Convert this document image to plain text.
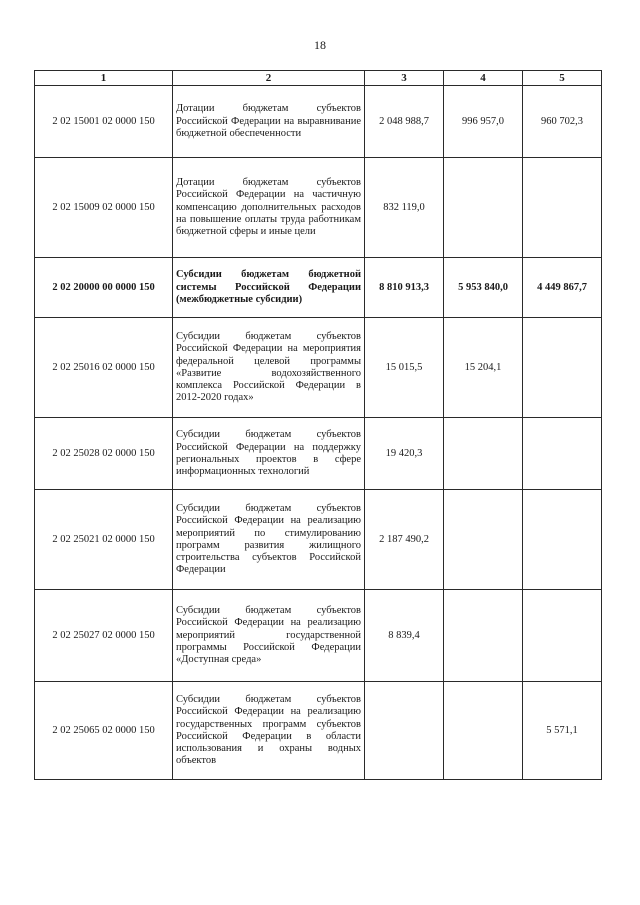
18
1	2	3	4	5
2 02 15001 02 0000 150	Дотации бюджетам субъектов Российской Федерации на выравнивание бюджетной обеспеченности	2 048 988,7	996 957,0	960 702,3
2 02 15009 02 0000 150	Дотации бюджетам субъектов Российской Федерации на частичную компенсацию дополнительных расходов на повышение оплаты труда работникам бюджетной сферы и иные цели	832 119,0		
2 02 20000 00 0000 150	Субсидии бюджетам бюджетной системы Российской Федерации (межбюджетные субсидии)	8 810 913,3	5 953 840,0	4 449 867,7
2 02 25016 02 0000 150	Субсидии бюджетам субъектов Российской Федерации на мероприятия федеральной целевой программы «Развитие водохозяйственного комплекса Российской Федерации в 2012-2020 годах»	15 015,5	15 204,1	
2 02 25028 02 0000 150	Субсидии бюджетам субъектов Российской Федерации на поддержку региональных проектов в сфере информационных технологий	19 420,3		
2 02 25021 02 0000 150	Субсидии бюджетам субъектов Российской Федерации на реализацию мероприятий по стимулированию программ развития жилищного строительства субъектов Российской Федерации	2 187 490,2		
2 02 25027 02 0000 150	Субсидии бюджетам субъектов Российской Федерации на реализацию мероприятий государственной программы Российской Федерации «Доступная среда»	8 839,4		
2 02 25065 02 0000 150	Субсидии бюджетам субъектов Российской Федерации на реализацию государственных программ субъектов Российской Федерации в области использования и охраны водных объектов			5 571,1
